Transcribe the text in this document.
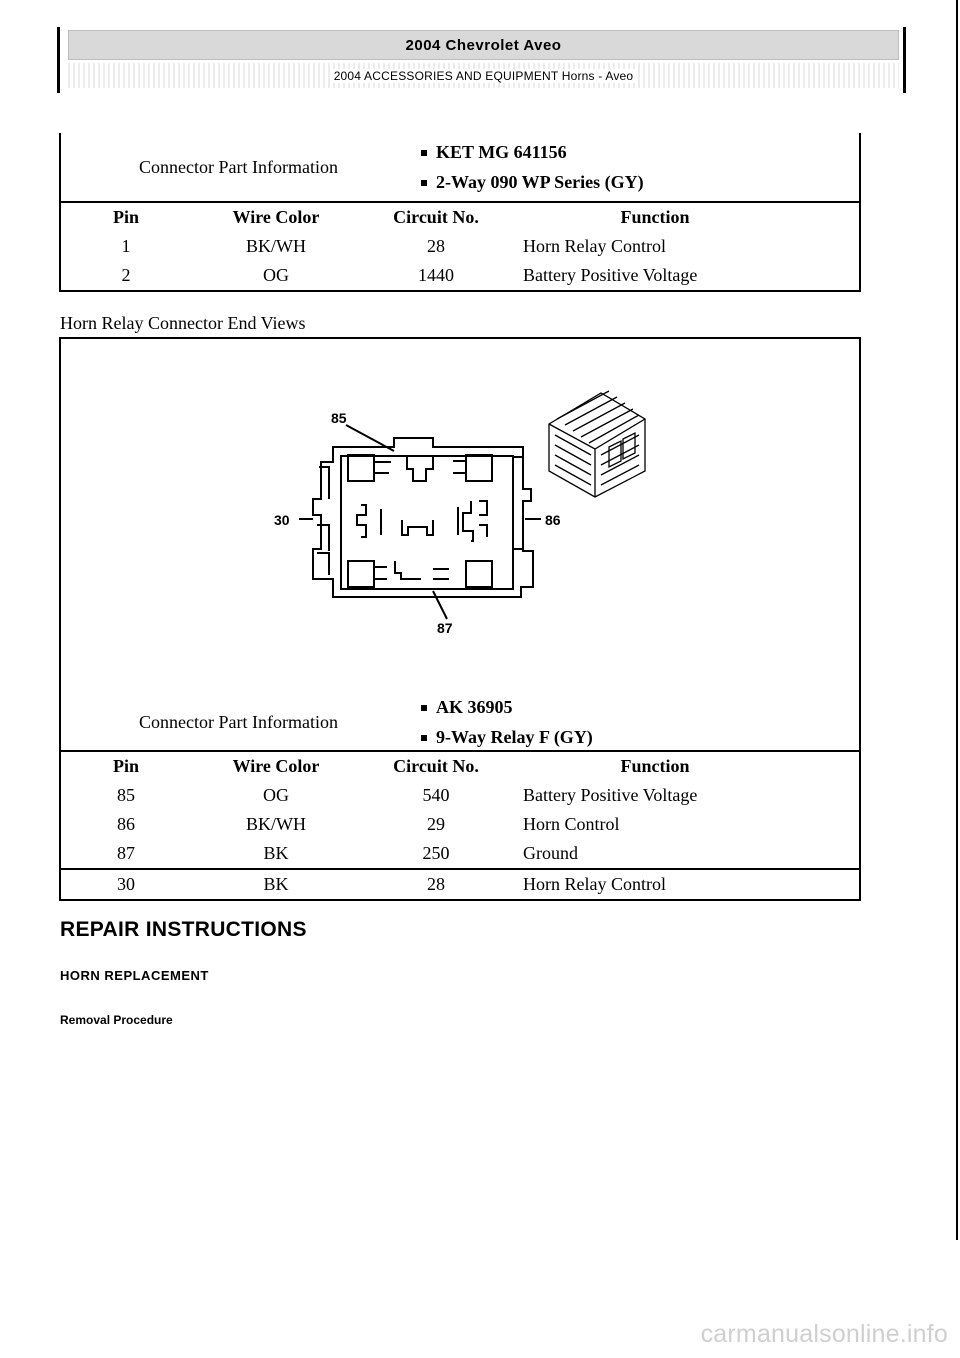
2004 Chevrolet Aveo
2004 ACCESSORIES AND EQUIPMENT Horns - Aveo
Connector Part Information
KET MG 641156
2-Way 090 WP Series (GY)
Pin	Wire Color	Circuit No.	Function
1	BK/WH	28	Horn Relay Control
2	OG	1440	Battery Positive Voltage
Horn Relay Connector End Views
85
30	86
87
Connector Part Information
AK 36905
9-Way Relay F (GY)
Pin	Wire Color	Circuit No.	Function
85	OG	540	Battery Positive Voltage
86	BK/WH	29	Horn Control
87	BK	250	Ground
30	BK	28	Horn Relay Control
REPAIR INSTRUCTIONS
HORN REPLACEMENT
Removal Procedure
carmanualsonline.info
